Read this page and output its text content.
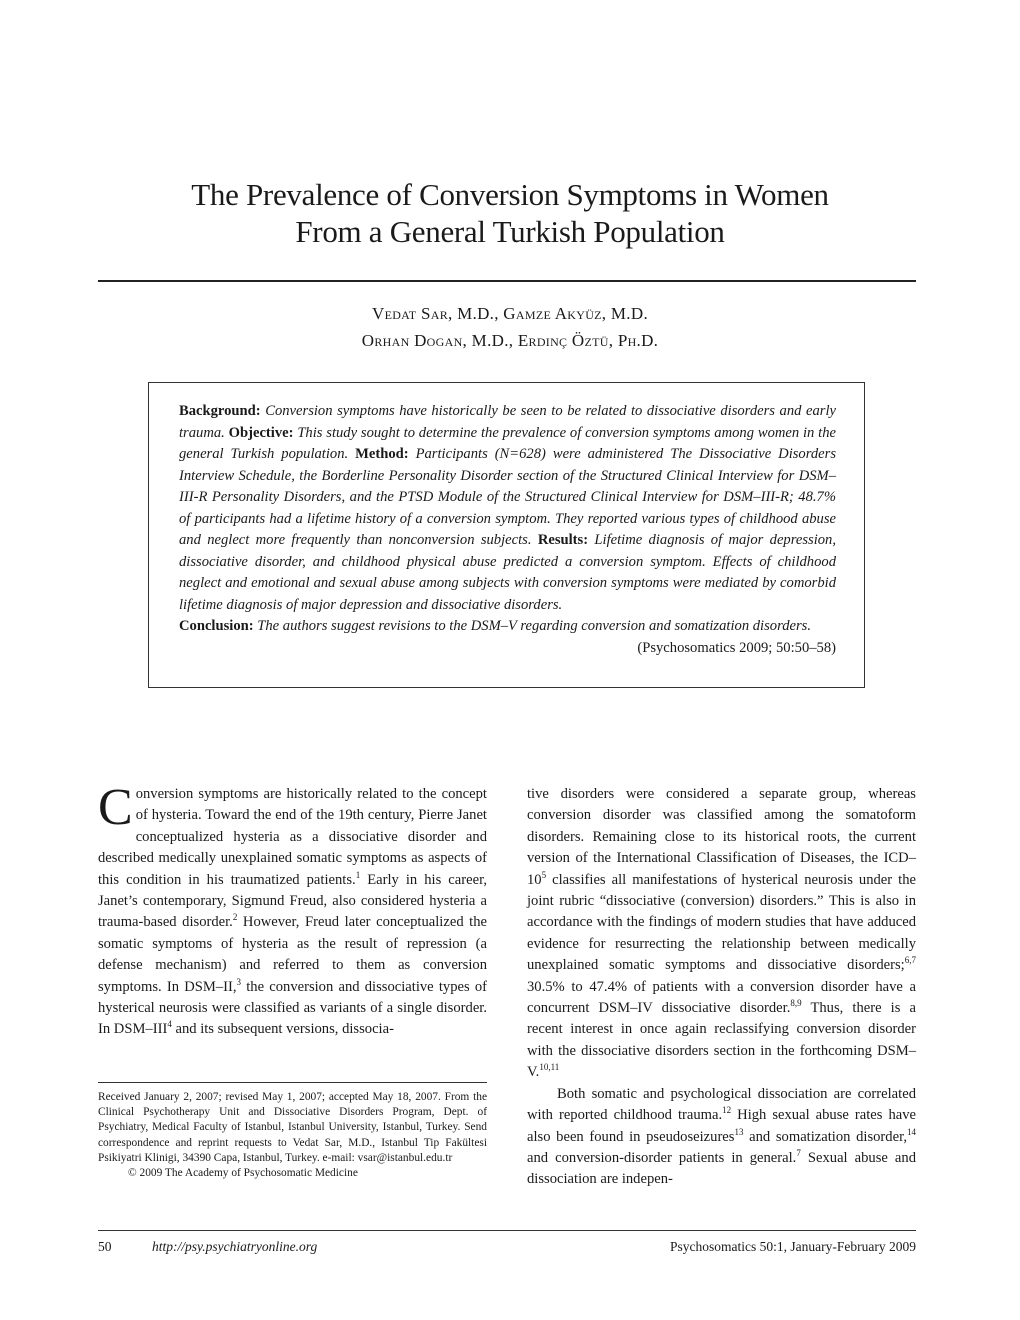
The Prevalence of Conversion Symptoms in Women
From a General Turkish Population
Vedat Sar, M.D., Gamze Akyüz, M.D.
Orhan Dogan, M.D., Erdinç Öztü, Ph.D.
Background: Conversion symptoms have historically be seen to be related to dissociative disorders and early trauma. Objective: This study sought to determine the prevalence of conversion symptoms among women in the general Turkish population. Method: Participants (N=628) were administered The Dissociative Disorders Interview Schedule, the Borderline Personality Disorder section of the Structured Clinical Interview for DSM–III-R Personality Disorders, and the PTSD Module of the Structured Clinical Interview for DSM–III-R; 48.7% of participants had a lifetime history of a conversion symptom. They reported various types of childhood abuse and neglect more frequently than nonconversion subjects. Results: Lifetime diagnosis of major depression, dissociative disorder, and childhood physical abuse predicted a conversion symptom. Effects of childhood neglect and emotional and sexual abuse among subjects with conversion symptoms were mediated by comorbid lifetime diagnosis of major depression and dissociative disorders.
Conclusion: The authors suggest revisions to the DSM–V regarding conversion and somatization disorders.
(Psychosomatics 2009; 50:50–58)
Conversion symptoms are historically related to the concept of hysteria. Toward the end of the 19th century, Pierre Janet conceptualized hysteria as a dissociative disorder and described medically unexplained somatic symptoms as aspects of this condition in his traumatized patients.$^1$ Early in his career, Janet’s contemporary, Sigmund Freud, also considered hysteria a trauma-based disorder.$^2$ However, Freud later conceptualized the somatic symptoms of hysteria as the result of repression (a defense mechanism) and referred to them as conversion symptoms. In DSM–II,$^3$ the conversion and dissociative types of hysterical neurosis were classified as variants of a single disorder. In DSM–III$^4$ and its subsequent versions, dissocia-
Received January 2, 2007; revised May 1, 2007; accepted May 18, 2007. From the Clinical Psychotherapy Unit and Dissociative Disorders Program, Dept. of Psychiatry, Medical Faculty of Istanbul, Istanbul University, Istanbul, Turkey. Send correspondence and reprint requests to Vedat Sar, M.D., Istanbul Tip Fakültesi Psikiyatri Klinigi, 34390 Capa, Istanbul, Turkey. e-mail: vsar@istanbul.edu.tr
© 2009 The Academy of Psychosomatic Medicine
tive disorders were considered a separate group, whereas conversion disorder was classified among the somatoform disorders. Remaining close to its historical roots, the current version of the International Classification of Diseases, the ICD–$10^5$ classifies all manifestations of hysterical neurosis under the joint rubric “dissociative (conversion) disorders.” This is also in accordance with the findings of modern studies that have adduced evidence for resurrecting the relationship between medically unexplained somatic symptoms and dissociative disorders;$^{6,7}$ 30.5% to 47.4% of patients with a conversion disorder have a concurrent DSM–IV dissociative disorder.$^{8,9}$ Thus, there is a recent interest in once again reclassifying conversion disorder with the dissociative disorders section in the forthcoming DSM–V.$^{10,11}$
Both somatic and psychological dissociation are correlated with reported childhood trauma.$^{12}$ High sexual abuse rates have also been found in pseudoseizures$^{13}$ and somatization disorder,$^{14}$ and conversion-disorder patients in general.$^7$ Sexual abuse and dissociation are indepen-
50	http://psy.psychiatryonline.org	Psychosomatics 50:1, January-February 2009
